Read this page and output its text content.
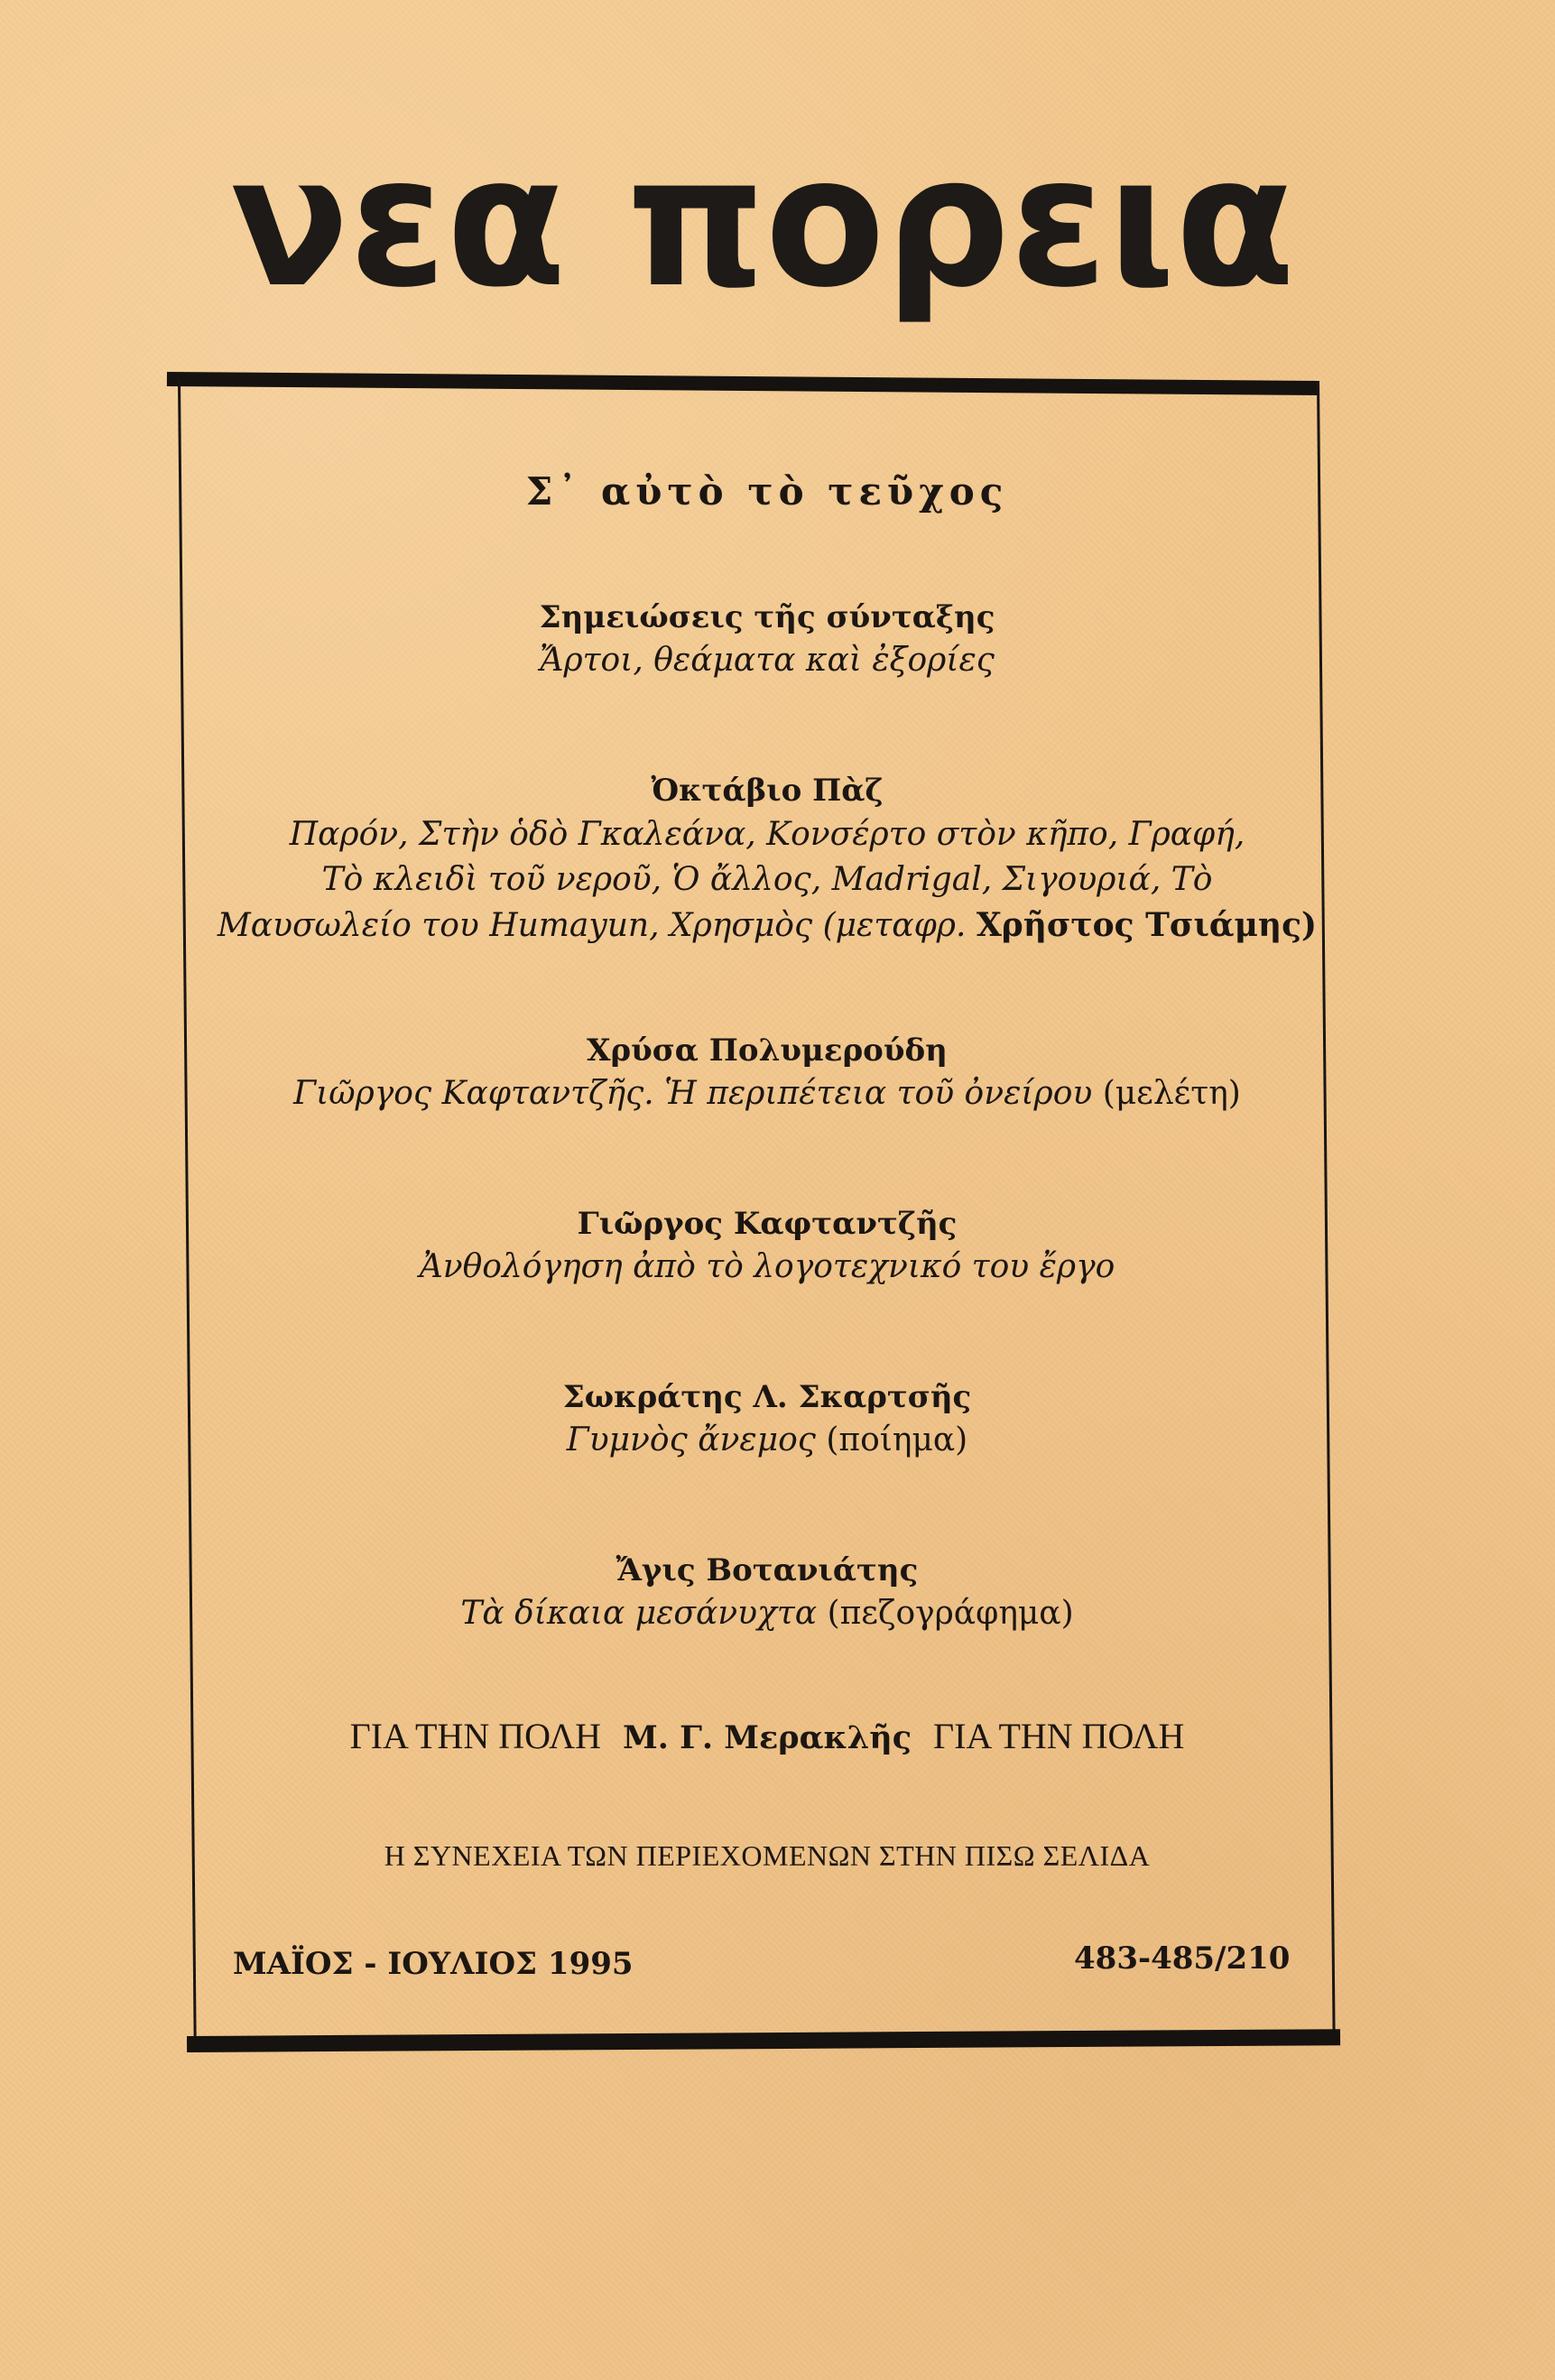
νεα πορεια
Σ᾽ αὐτὸ τὸ τεῦχος

Σημειώσεις τῆς σύνταξης

Ἄρτοι, θεάματα καὶ ἐξορίες

Ὀκτάβιο Πὰζ

Παρόν, Στὴν ὁδὸ Γκαλεάνα, Κονσέρτο στὸν κῆπο, Γραφή,
Τὸ κλειδὶ τοῦ νεροῦ, Ὁ ἄλλος, Madrigal, Σιγουριά, Τὸ
Μαυσωλείο του Humayun, Χρησμὸς (μεταφρ. Χρῆστος Τσιάμης)

Χρύσα Πολυμερούδη

Γιῶργος Καφταντζῆς. Ἡ περιπέτεια τοῦ ὀνείρου (μελέτη)

Γιῶργος Καφταντζῆς

Ἀνθολόγηση ἀπὸ τὸ λογοτεχνικό του ἔργο

Σωκράτης Λ. Σκαρτσῆς

Γυμνὸς ἄνεμος (ποίημα)

Ἄγις Βοτανιάτης

Τὰ δίκαια μεσάνυχτα (πεζογράφημα)

ΓΙΑ ΤΗΝ ΠΟΛΗ Μ. Γ. Μερακλῆς ΓΙΑ ΤΗΝ ΠΟΛΗ
Η ΣΥΝΕΧΕΙΑ ΤΩΝ ΠΕΡΙΕΧΟΜΕΝΩΝ ΣΤΗΝ ΠΙΣΩ ΣΕΛΙΔΑ
ΜΑΪΟΣ - ΙΟΥΛΙΟΣ 1995	483-485/210
